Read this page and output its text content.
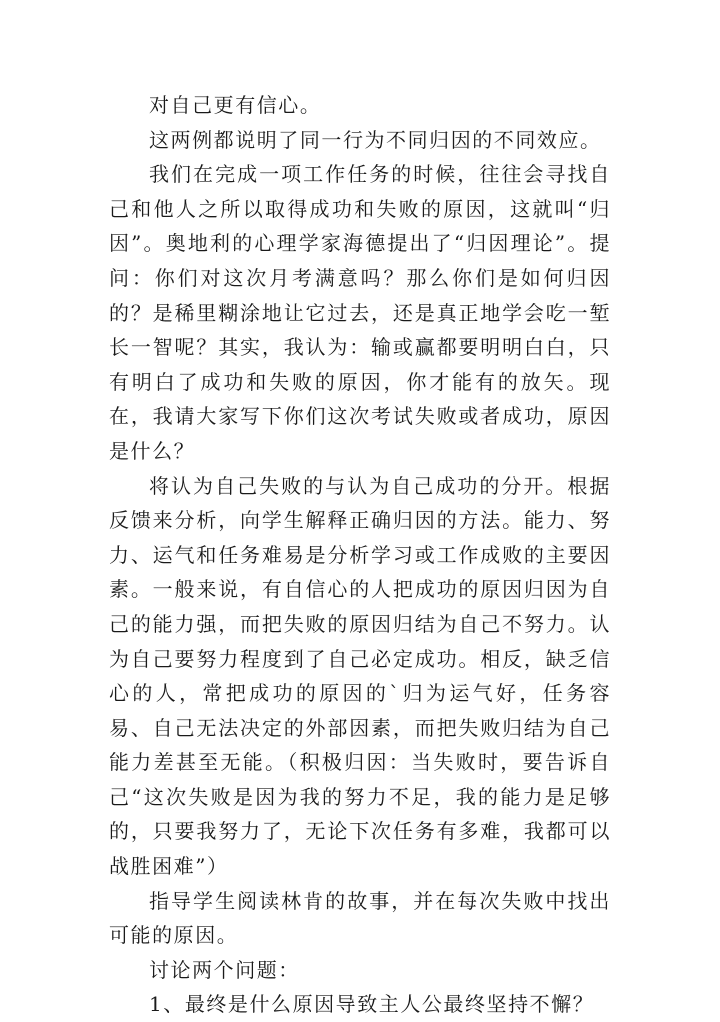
对自己更有信心。

这两例都说明了同一行为不同归因的不同效应。

我们在完成一项工作任务的时候，往往会寻找自己和他人之所以取得成功和失败的原因，这就叫“归因”。奥地利的心理学家海德提出了“归因理论”。提问：你们对这次月考满意吗？那么你们是如何归因的？是稀里糊涂地让它过去，还是真正地学会吃一堑长一智呢？其实，我认为：输或赢都要明明白白，只有明白了成功和失败的原因，你才能有的放矢。现在，我请大家写下你们这次考试失败或者成功，原因是什么？

将认为自己失败的与认为自己成功的分开。根据反馈来分析，向学生解释正确归因的方法。能力、努力、运气和任务难易是分析学习或工作成败的主要因素。一般来说，有自信心的人把成功的原因归因为自己的能力强，而把失败的原因归结为自己不努力。认为自己要努力程度到了自己必定成功。相反，缺乏信心的人，常把成功的原因的`归为运气好，任务容易、自己无法决定的外部因素，而把失败归结为自己能力差甚至无能。（积极归因：当失败时，要告诉自己“这次失败是因为我的努力不足，我的能力是足够的，只要我努力了，无论下次任务有多难，我都可以战胜困难”）

指导学生阅读林肯的故事，并在每次失败中找出可能的原因。

讨论两个问题：

1、最终是什么原因导致主人公最终坚持不懈？
